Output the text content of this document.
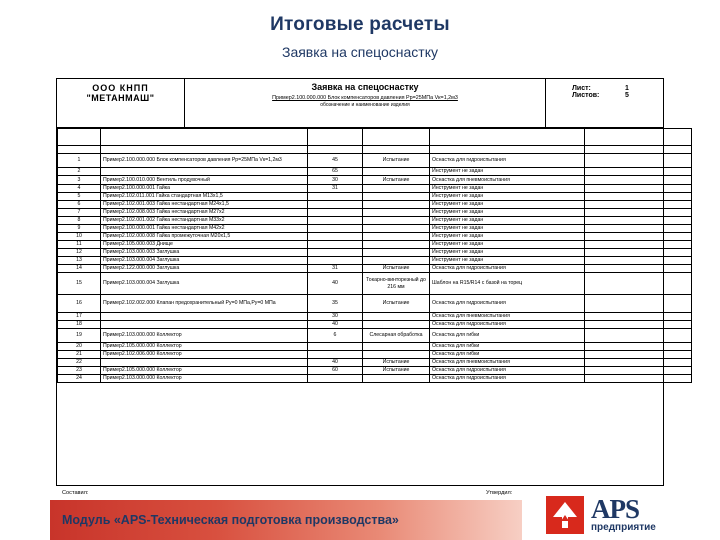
Итоговые расчеты
Заявка на спецоснастку
ООО КНПП
"МЕТАНМАШ"
Заявка на спецоснастку
Пример2.100.000.000 Блок компенсаторов давления Рр=25МПа Vк=1,2м3
обозначение и наименование изделия
Лист:	1
Листов:	5

1	Пример2.100.000.000 Блок компенсаторов давления Рр=25МПа Vк=1,2м3	45	Испытание	Оснастка для гидроиспытания	
2		65		Инструмент не задан	
3	Пример2.100.010.000 Вентиль продувочный	30	Испытание	Оснастка для пневмоиспытания	
4	Пример2.100.000.001 Гайка	31		Инструмент не задан	
5	Пример2.102.011.001 Гайка стандартная М13х1,5			Инструмент не задан	
6	Пример2.102.001.003 Гайка нестандартная М24х1,5			Инструмент не задан	
7	Пример2.102.008.003 Гайка нестандартная М27х2			Инструмент не задан	
8	Пример2.102.001.002 Гайка нестандартная М33х2			Инструмент не задан	
9	Пример2.100.000.001 Гайка нестандартная М42х2			Инструмент не задан	
10	Пример2.102.000.008 Гайка промежуточная М20х1,5			Инструмент не задан	
11	Пример2.105.000.003 Днище			Инструмент не задан	
12	Пример2.103.000.003 Заглушка			Инструмент не задан	
13	Пример2.103.000.004 Заглушка			Инструмент не задан	
14	Пример2.122.000.000 Заглушка	31	Испытание	Оснастка для гидроиспытания	
15	Пример2.103.000.004 Заглушка	40	Токарно-винторезный до 216 мм	Шаблон на R15/R14 с базой на торец	
16	Пример2.102.002.000 Клапан предохранительный Ру=0 МПа,Ру=0 МПа	35	Испытание	Оснастка для гидроиспытания	
17		30		Оснастка для пневмоиспытания	
18		40		Оснастка для гидроиспытания	
19	Пример2.103.000.000 Коллектор	6	Слесарная обработка	Оснастка для гибки	
20	Пример2.105.000.000 Коллектор			Оснастка для гибки	
21	Пример2.102.006.000 Коллектор			Оснастка для гибки	
22		40	Испытание	Оснастка для пневмоиспытания	
23	Пример2.105.000.000 Коллектор	60	Испытание	Оснастка для гидроиспытания	
24	Пример2.103.000.000 Коллектор			Оснастка для гидроиспытания	
Составил:	Утвердил:
Модуль «APS-Техническая подготовка производства»	APS
предприятие
